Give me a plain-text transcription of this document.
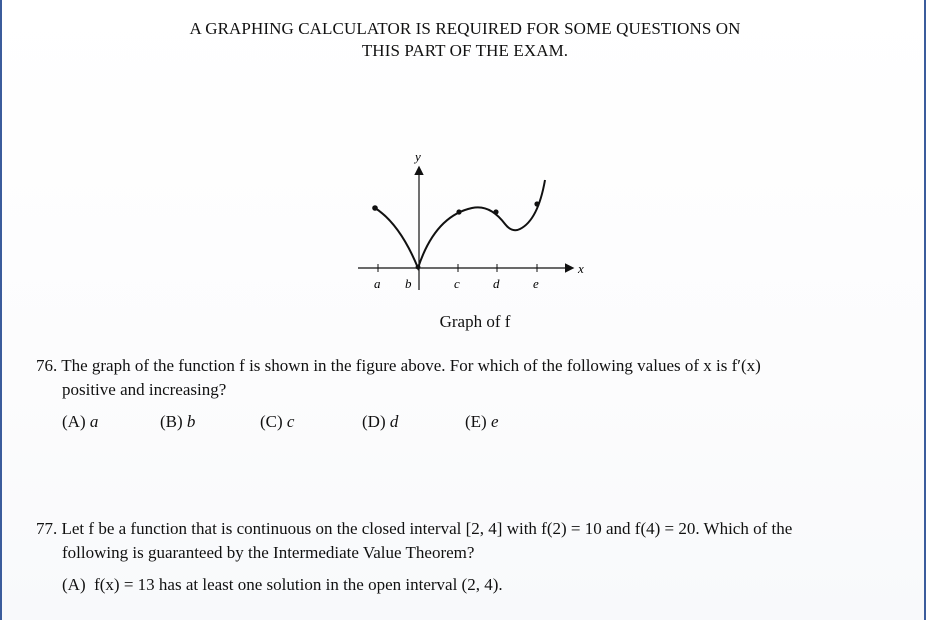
A GRAPHING CALCULATOR IS REQUIRED FOR SOME QUESTIONS ON
THIS PART OF THE EXAM.
y
x
a b	c	d	e
Graph of f
76. The graph of the function f is shown in the figure above. For which of the following values of x is f′(x)
positive and increasing?
(A) a	(B) b	(C) c	(D) d	(E) e
77. Let f be a function that is continuous on the closed interval [2, 4] with f(2) = 10 and f(4) = 20. Which of the
following is guaranteed by the Intermediate Value Theorem?
(A) f(x) = 13 has at least one solution in the open interval (2, 4).
